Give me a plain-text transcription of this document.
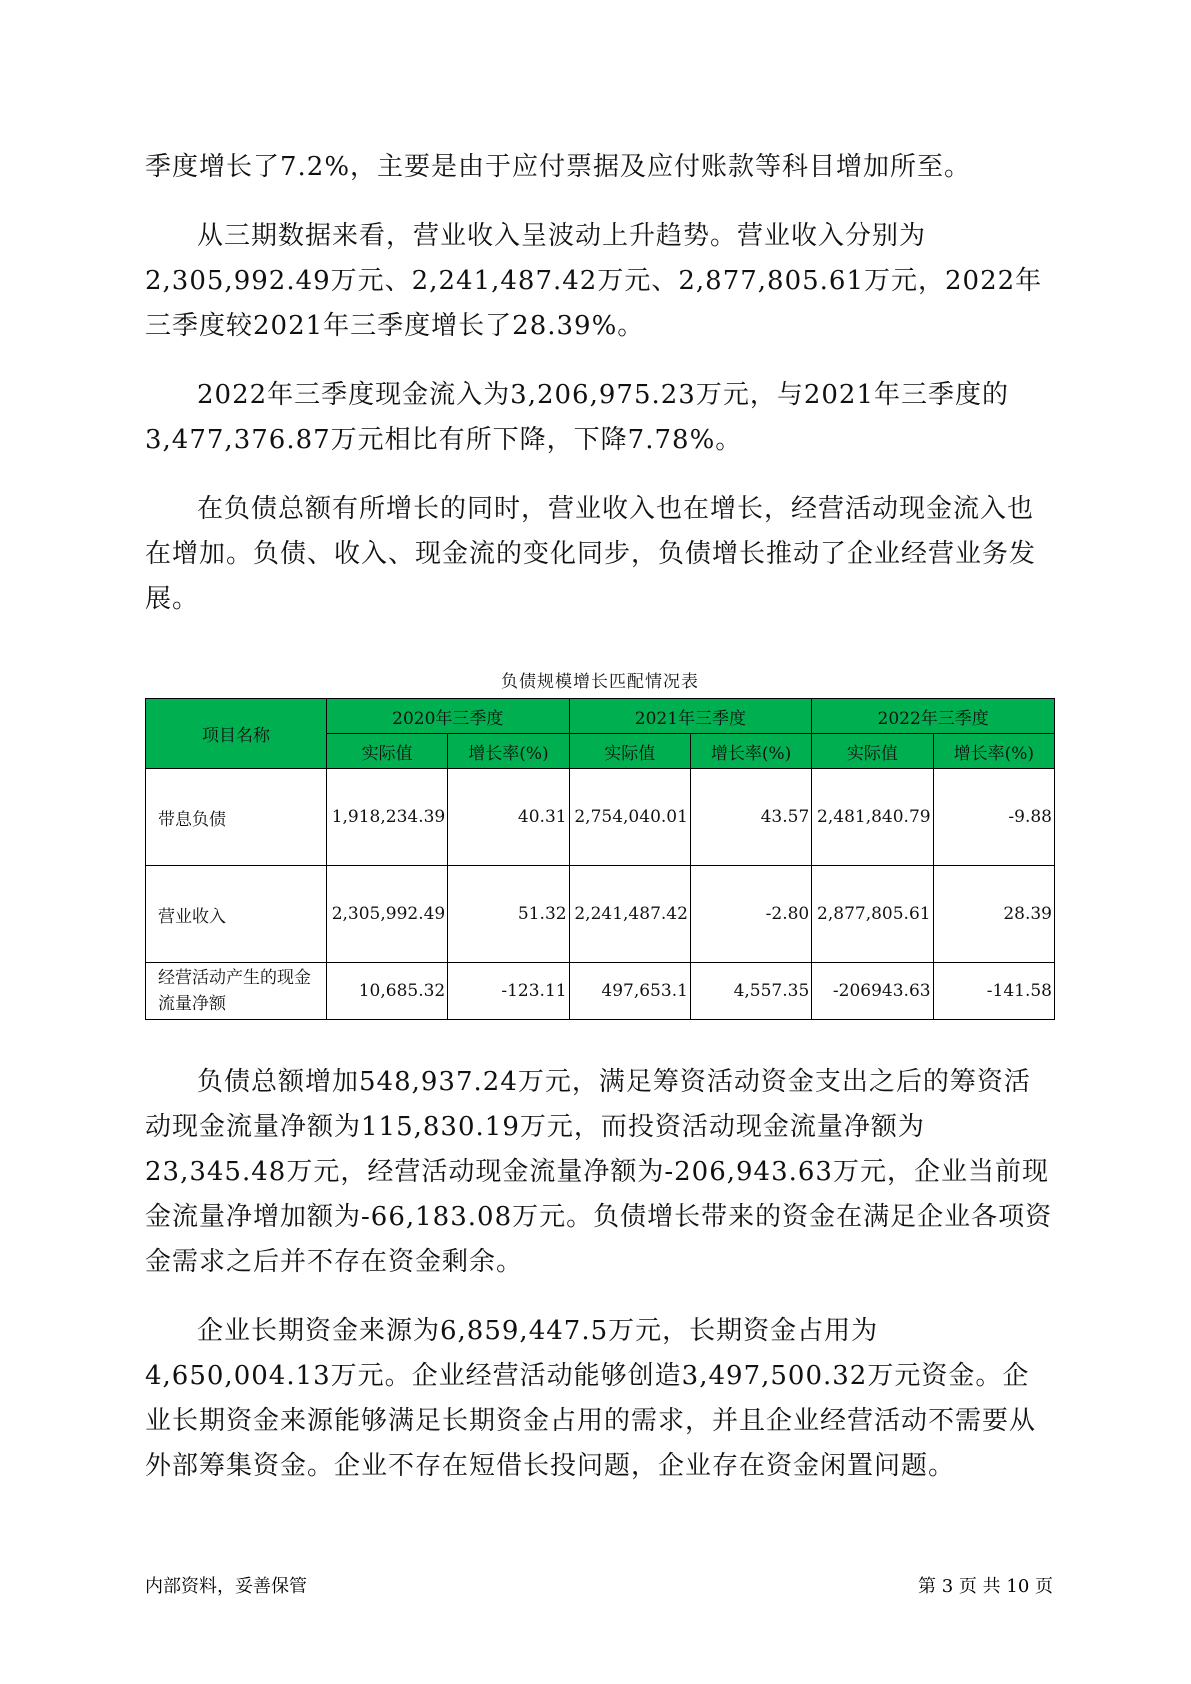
季度增长了7.2%，主要是由于应付票据及应付账款等科目增加所至。

从三期数据来看，营业收入呈波动上升趋势。营业收入分别为2,305,992.49万元、2,241,487.42万元、2,877,805.61万元，2022年三季度较2021年三季度增长了28.39%。

2022年三季度现金流入为3,206,975.23万元，与2021年三季度的3,477,376.87万元相比有所下降，下降7.78%。

在负债总额有所增长的同时，营业收入也在增长，经营活动现金流入也在增加。负债、收入、现金流的变化同步，负债增长推动了企业经营业务发展。

负债规模增长匹配情况表
项目名称	2020年三季度		2021年三季度		2022年三季度	
	实际值	增长率(%)	实际值	增长率(%)	实际值	增长率(%)
带息负债	1,918,234.39	40.31	2,754,040.01	43.57	2,481,840.79	-9.88
营业收入	2,305,992.49	51.32	2,241,487.42	-2.80	2,877,805.61	28.39
经营活动产生的现金流量净额	10,685.32	-123.11	497,653.1	4,557.35	-206943.63	-141.58

负债总额增加548,937.24万元，满足筹资活动资金支出之后的筹资活动现金流量净额为115,830.19万元，而投资活动现金流量净额为23,345.48万元，经营活动现金流量净额为-206,943.63万元，企业当前现金流量净增加额为-66,183.08万元。负债增长带来的资金在满足企业各项资金需求之后并不存在资金剩余。

企业长期资金来源为6,859,447.5万元，长期资金占用为4,650,004.13万元。企业经营活动能够创造3,497,500.32万元资金。企业长期资金来源能够满足长期资金占用的需求，并且企业经营活动不需要从外部筹集资金。企业不存在短借长投问题，企业存在资金闲置问题。

内部资料，妥善保管	第 3 页 共 10 页
